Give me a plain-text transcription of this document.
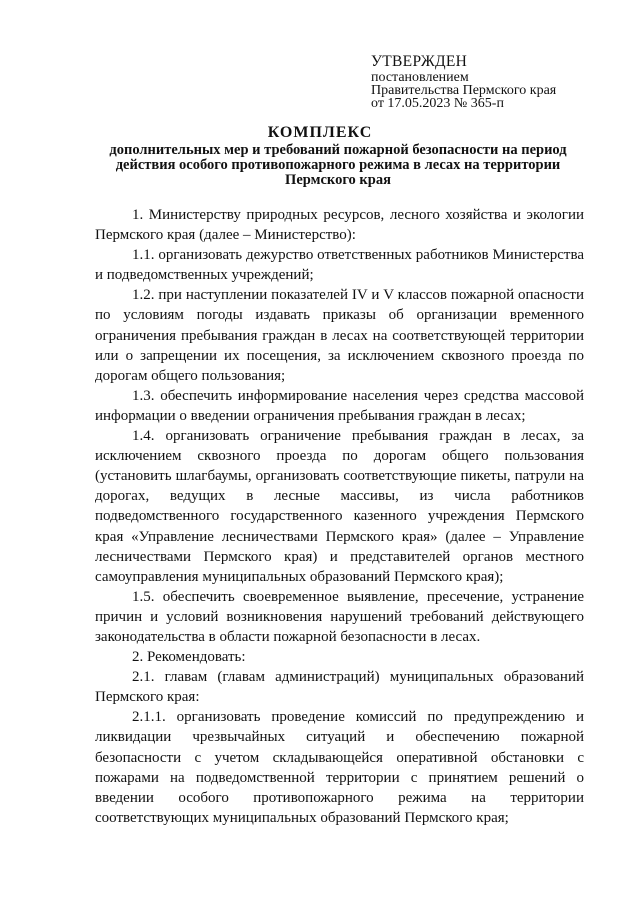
УТВЕРЖДЕН
постановлением
Правительства Пермского края
от 17.05.2023 № 365-п
КОМПЛЕКС
дополнительных мер и требований пожарной безопасности на период действия особого противопожарного режима в лесах на территории Пермского края

1. Министерству природных ресурсов, лесного хозяйства и экологии Пермского края (далее – Министерство):

1.1. организовать дежурство ответственных работников Министерства и подведомственных учреждений;

1.2. при наступлении показателей IV и V классов пожарной опасности по условиям погоды издавать приказы об организации временного ограничения пребывания граждан в лесах на соответствующей территории или о запрещении их посещения, за исключением сквозного проезда по дорогам общего пользования;

1.3. обеспечить информирование населения через средства массовой информации о введении ограничения пребывания граждан в лесах;

1.4. организовать ограничение пребывания граждан в лесах, за исключением сквозного проезда по дорогам общего пользования (установить шлагбаумы, организовать соответствующие пикеты, патрули на дорогах, ведущих в лесные массивы, из числа работников подведомственного государственного казенного учреждения Пермского края «Управление лесничествами Пермского края» (далее – Управление лесничествами Пермского края) и представителей органов местного самоуправления муниципальных образований Пермского края);

1.5. обеспечить своевременное выявление, пресечение, устранение причин и условий возникновения нарушений требований действующего законодательства в области пожарной безопасности в лесах.

2. Рекомендовать:

2.1. главам (главам администраций) муниципальных образований Пермского края:

2.1.1. организовать проведение комиссий по предупреждению и ликвидации чрезвычайных ситуаций и обеспечению пожарной безопасности с учетом складывающейся оперативной обстановки с пожарами на подведомственной территории с принятием решений о введении особого противопожарного режима на территории соответствующих муниципальных образований Пермского края;
